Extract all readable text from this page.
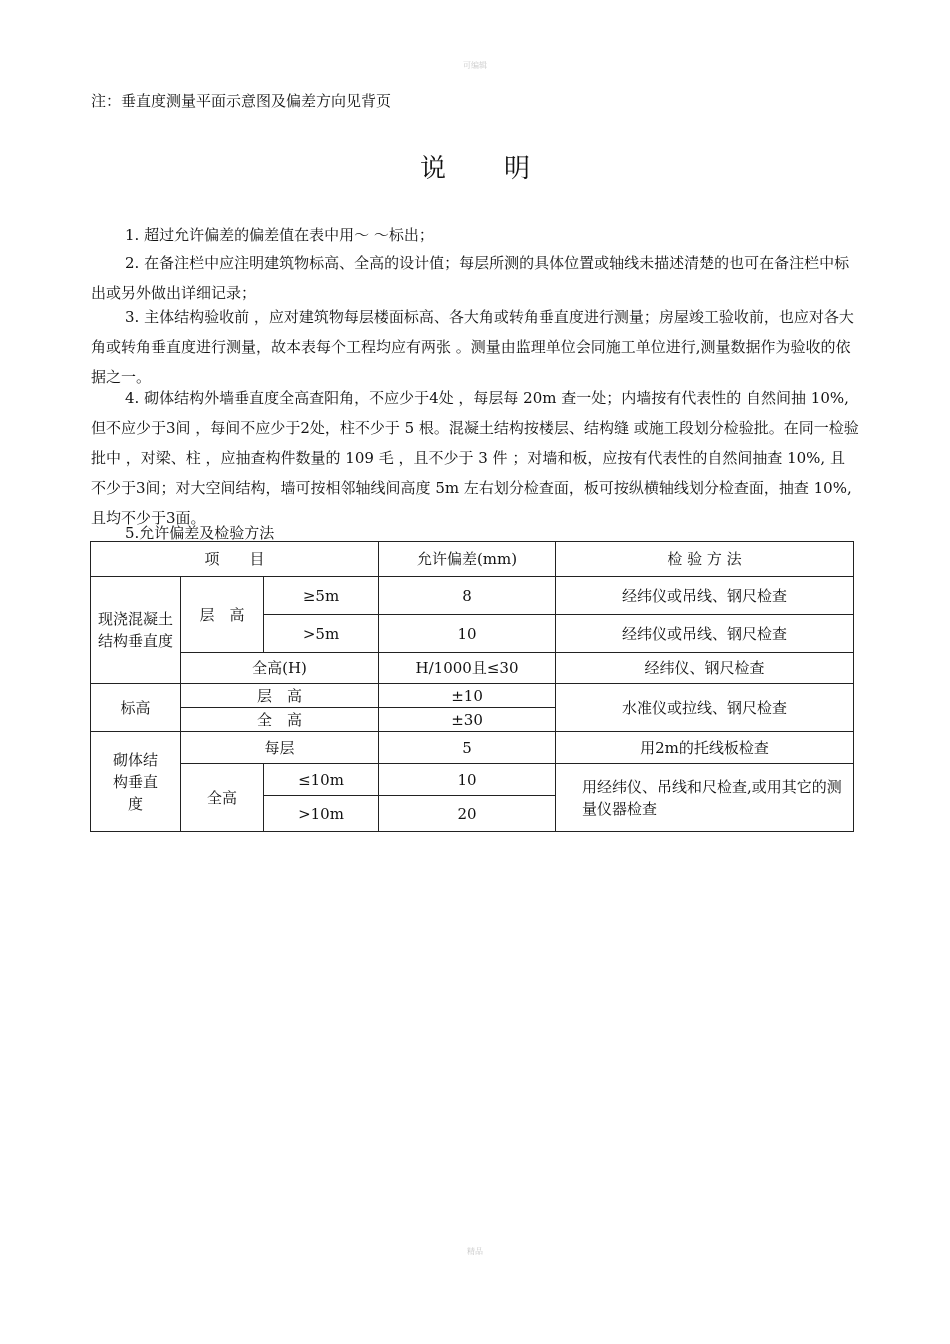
可编辑
注：垂直度测量平面示意图及偏差方向见背页
说明
1. 超过允许偏差的偏差值在表中用～ ～标出；
2. 在备注栏中应注明建筑物标高、全高的设计值；每层所测的具体位置或轴线未描述清楚的也可在备注栏中标出或另外做出详细记录；
3. 主体结构验收前 ，应对建筑物每层楼面标高、各大角或转角垂直度进行测量；房屋竣工验收前，也应对各大角或转角垂直度进行测量，故本表每个工程均应有两张 。测量由监理单位会同施工单位进行,测量数据作为验收的依据之一。
4. 砌体结构外墙垂直度全高查阳角，不应少于4处 ，每层每 20m 查一处；内墙按有代表性的 自然间抽 10%, 但不应少于3间 ，每间不应少于2处，柱不少于 5 根。混凝土结构按楼层、结构缝 或施工段划分检验批。在同一检验批中 ，对梁、柱 ，应抽查构件数量的 109 毛 ，且不少于 3 件 ；对墙和板，应按有代表性的自然间抽查 10%, 且不少于3间；对大空间结构，墙可按相邻轴线间高度 5m 左右划分检查面，板可按纵横轴线划分检查面，抽查 10%, 且均不少于3面。
5.允许偏差及检验方法
项　　目			允许偏差(mm)	检 验 方 法
现浇混凝土结构垂直度	层　高	≥5m	8	经纬仪或吊线、钢尺检查
		>5m	10	经纬仪或吊线、钢尺检查
	全高(H)		H/1000且≤30	经纬仪、钢尺检查
标高	层　高		±10	水准仪或拉线、钢尺检查
	全　高		±30	
砌体结构垂直度	每层		5	用2m的托线板检查
	全高	≤10m	10	用经纬仪、吊线和尺检查,或用其它的测量仪器检查
		>10m	20	
精品
